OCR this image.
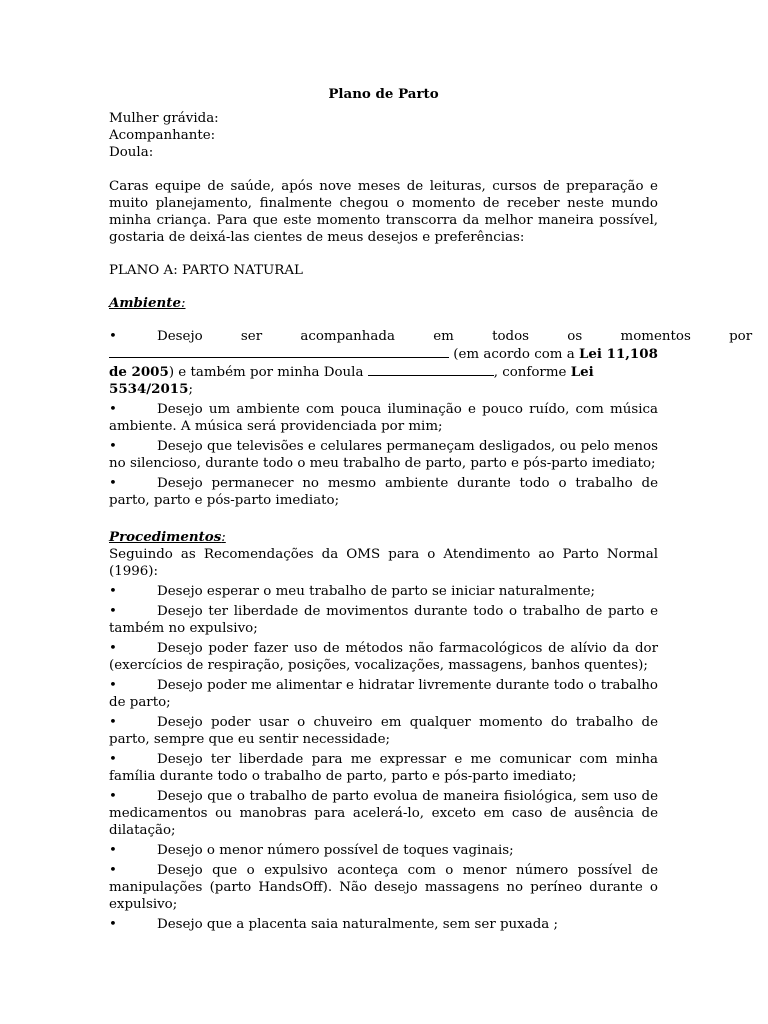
Plano de Parto

Mulher grávida:

Acompanhante:

Doula:

Caras equipe de saúde, após nove meses de leituras, cursos de preparação e muito planejamento, finalmente chegou o momento de receber neste mundo minha criança. Para que este momento transcorra da melhor maneira possível, gostaria de deixá-las cientes de meus desejos e preferências:

PLANO A: PARTO NATURAL

Ambiente:

•	Desejo ser acompanhada em todos os momentos por
(em acordo com a Lei 11,108 de 2005) e também por minha Doula	, conforme Lei 5534/2015;

•	Desejo um ambiente com pouca iluminação e pouco ruído, com música ambiente. A música será providenciada por mim;

•	Desejo que televisões e celulares permaneçam desligados, ou pelo menos no silencioso, durante todo o meu trabalho de parto, parto e pós-parto imediato;

•	Desejo permanecer no mesmo ambiente durante todo o trabalho de parto, parto e pós-parto imediato;

Procedimentos:

Seguindo as Recomendações da OMS para o Atendimento ao Parto Normal (1996):

•	Desejo esperar o meu trabalho de parto se iniciar naturalmente;

•	Desejo ter liberdade de movimentos durante todo o trabalho de parto e também no expulsivo;

•	Desejo poder fazer uso de métodos não farmacológicos de alívio da dor (exercícios de respiração, posições, vocalizações, massagens, banhos quentes);

•	Desejo poder me alimentar e hidratar livremente durante todo o trabalho de parto;

•	Desejo poder usar o chuveiro em qualquer momento do trabalho de parto, sempre que eu sentir necessidade;

•	Desejo ter liberdade para me expressar e me comunicar com minha família durante todo o trabalho de parto, parto e pós-parto imediato;

•	Desejo que o trabalho de parto evolua de maneira fisiológica, sem uso de medicamentos ou manobras para acelerá-lo, exceto em caso de ausência de dilatação;

•	Desejo o menor número possível de toques vaginais;

•	Desejo que o expulsivo aconteça com o menor número possível de manipulações (parto HandsOff). Não desejo massagens no períneo durante o expulsivo;

•	Desejo que a placenta saia naturalmente, sem ser puxada ;
